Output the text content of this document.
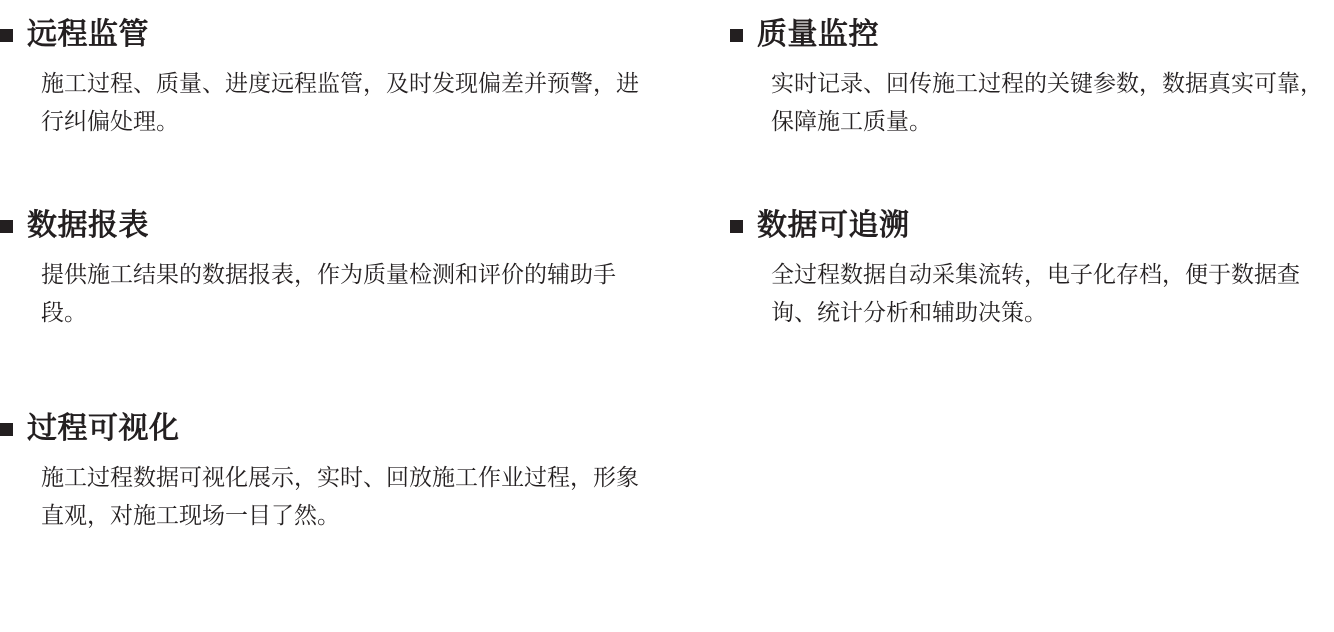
远程监管

施工过程、质量、进度远程监管，及时发现偏差并预警，进行纠偏处理。

数据报表

提供施工结果的数据报表，作为质量检测和评价的辅助手段。

过程可视化

施工过程数据可视化展示，实时、回放施工作业过程，形象直观，对施工现场一目了然。

质量监控

实时记录、回传施工过程的关键参数，数据真实可靠，保障施工质量。

数据可追溯

全过程数据自动采集流转，电子化存档，便于数据查询、统计分析和辅助决策。
